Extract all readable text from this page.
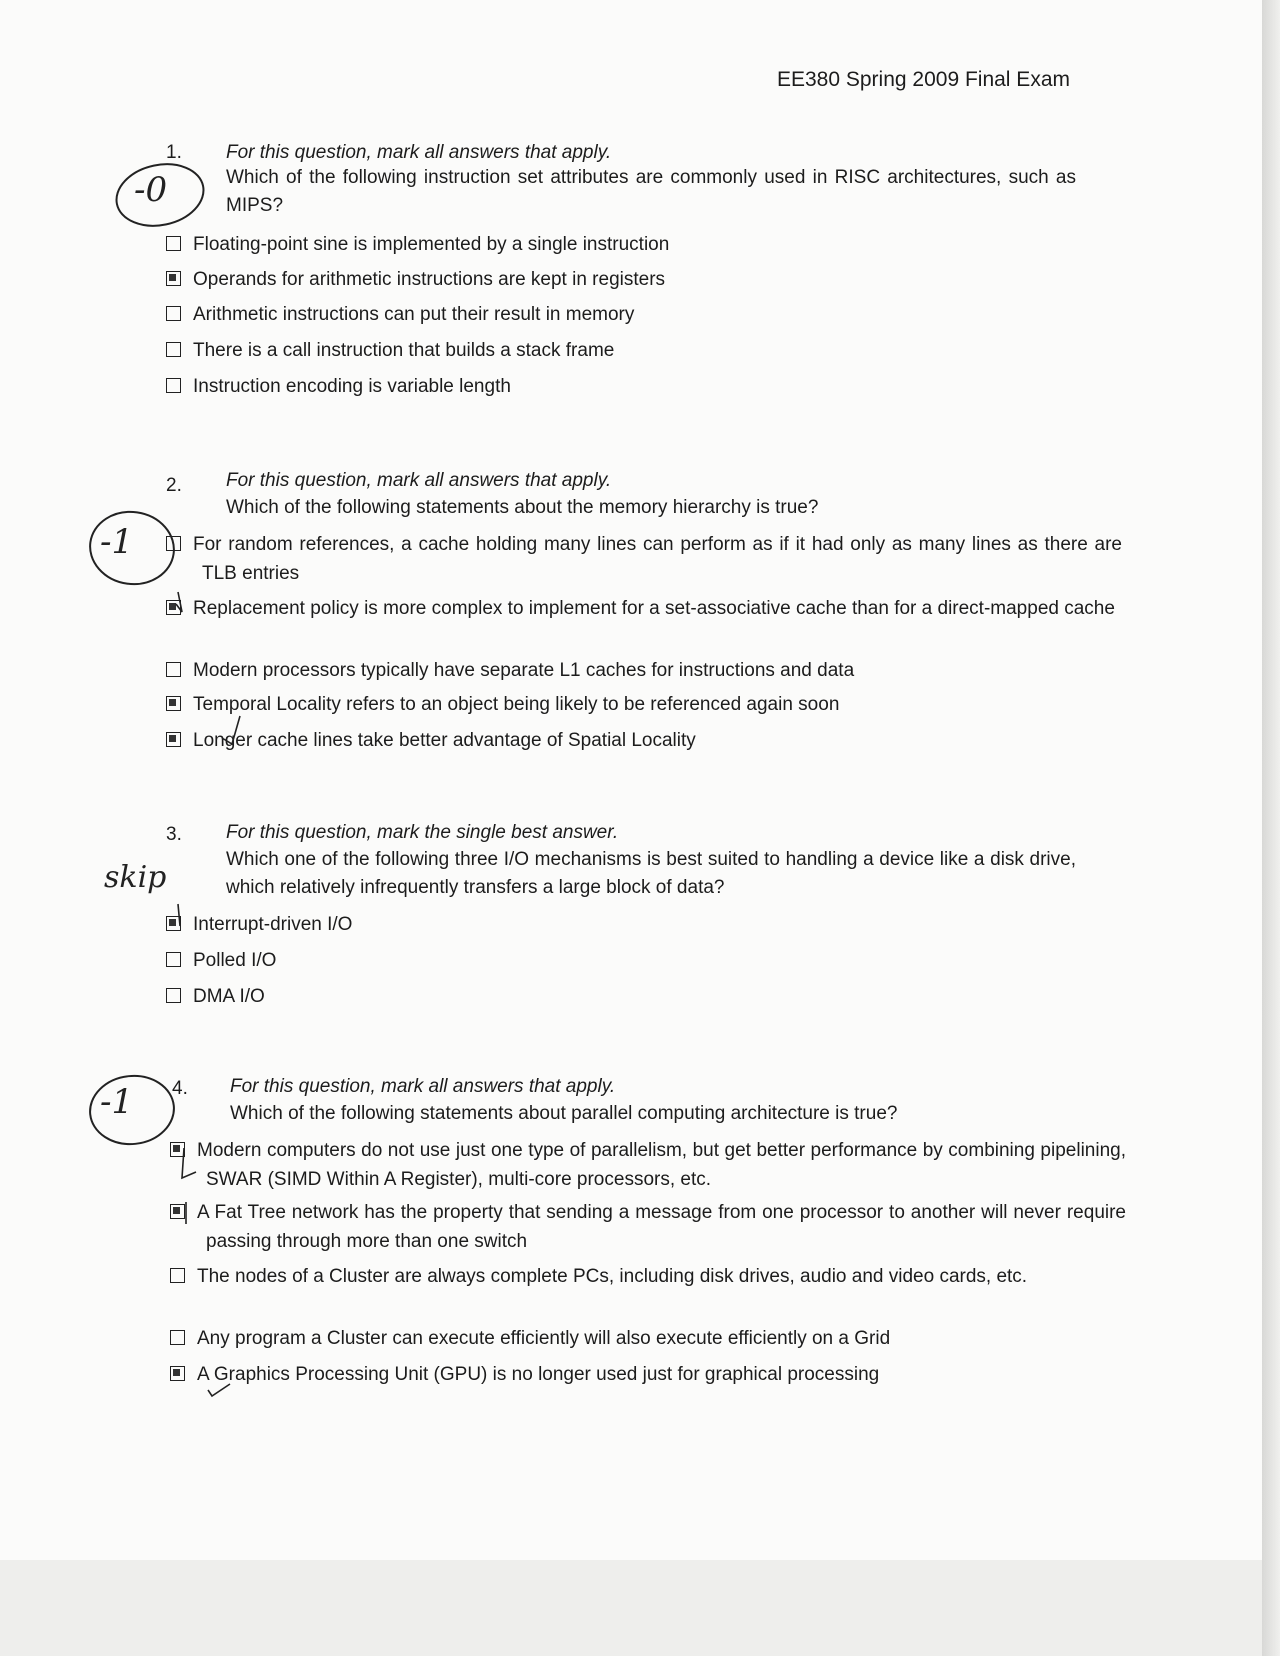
EE380 Spring 2009 Final Exam
1. For this question, mark all answers that apply.
Which of the following instruction set attributes are commonly used in RISC architectures, such as MIPS?
-0
Floating-point sine is implemented by a single instruction
Operands for arithmetic instructions are kept in registers
Arithmetic instructions can put their result in memory
There is a call instruction that builds a stack frame
Instruction encoding is variable length
2. For this question, mark all answers that apply.
Which of the following statements about the memory hierarchy is true?
-1	For random references, a cache holding many lines can perform as if it had only as many lines as there are TLB entries
Replacement policy is more complex to implement for a set-associative cache than for a direct-mapped cache
Modern processors typically have separate L1 caches for instructions and data
Temporal Locality refers to an object being likely to be referenced again soon
Longer cache lines take better advantage of Spatial Locality
3. For this question, mark the single best answer.
Which one of the following three I/O mechanisms is best suited to handling a device like a disk drive, which relatively infrequently transfers a large block of data?
skip
Interrupt-driven I/O
Polled I/O
DMA I/O
4. For this question, mark all answers that apply.
Which of the following statements about parallel computing architecture is true?
-1
Modern computers do not use just one type of parallelism, but get better performance by combining pipelining, SWAR (SIMD Within A Register), multi-core processors, etc.
A Fat Tree network has the property that sending a message from one processor to another will never require passing through more than one switch
The nodes of a Cluster are always complete PCs, including disk drives, audio and video cards, etc.
Any program a Cluster can execute efficiently will also execute efficiently on a Grid
A Graphics Processing Unit (GPU) is no longer used just for graphical processing
